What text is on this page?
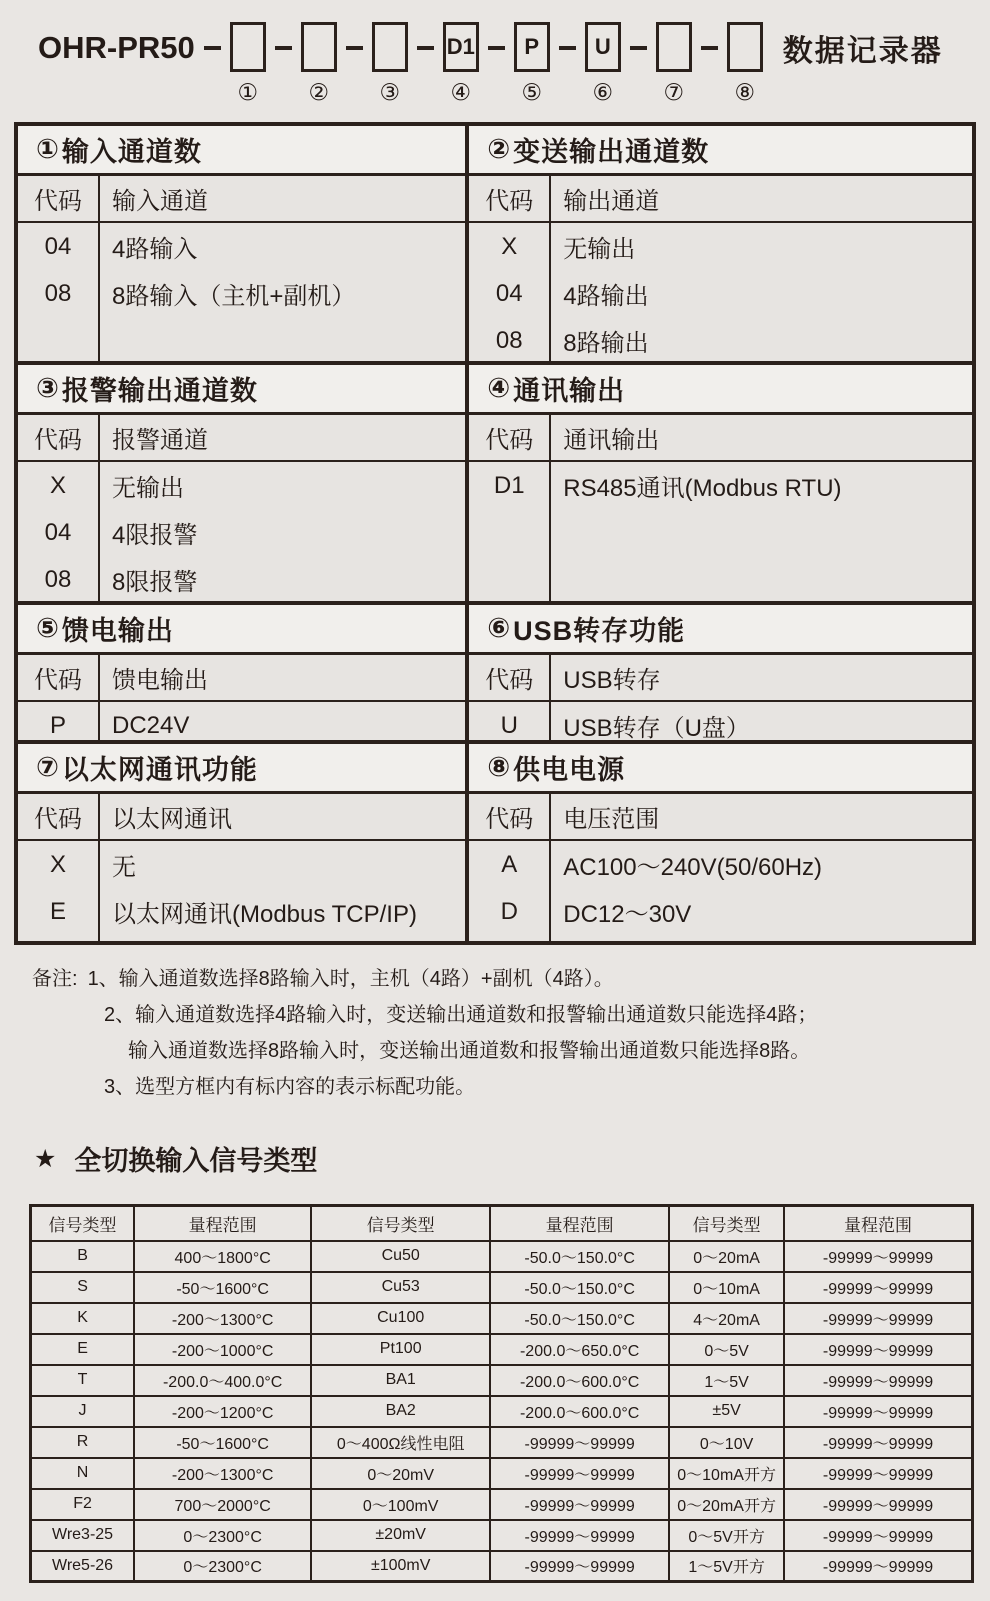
OHR-PR50
① ② ③
D1
④
P
⑤
U
⑥ ⑦ ⑧
数据记录器
① 输入通道数
代码	输入通道
04	4路输入
08	8路输入（主机+副机）
② 变送输出通道数
代码	输出通道
X	无输出
04	4路输出
08	8路输出
③ 报警输出通道数
代码	报警通道
X	无输出
04	4限报警
08	8限报警
④ 通讯输出
代码	通讯输出
D1	RS485通讯(Modbus RTU)
⑤ 馈电输出
代码	馈电输出
P	DC24V
⑥ USB转存功能
代码	USB转存
U	USB转存（U盘）
⑦ 以太网通讯功能
代码	以太网通讯
X	无
E	以太网通讯(Modbus TCP/IP)
⑧ 供电电源
代码	电压范围
A	AC100～240V(50/60Hz)
D	DC12～30V
备注: 1、输入通道数选择8路输入时，主机（4路）+副机（4路）。
2、输入通道数选择4路输入时，变送输出通道数和报警输出通道数只能选择4路；
输入通道数选择8路输入时，变送输出通道数和报警输出通道数只能选择8路。
3、选型方框内有标内容的表示标配功能。
★ 全切换输入信号类型
信号类型	量程范围	信号类型	量程范围	信号类型	量程范围
B	400～1800°C	Cu50	-50.0～150.0°C	0～20mA	-99999～99999
S	-50～1600°C	Cu53	-50.0～150.0°C	0～10mA	-99999～99999
K	-200～1300°C	Cu100	-50.0～150.0°C	4～20mA	-99999～99999
E	-200～1000°C	Pt100	-200.0～650.0°C	0～5V	-99999～99999
T	-200.0～400.0°C	BA1	-200.0～600.0°C	1～5V	-99999～99999
J	-200～1200°C	BA2	-200.0～600.0°C	±5V	-99999～99999
R	-50～1600°C	0～400Ω线性电阻	-99999～99999	0～10V	-99999～99999
N	-200～1300°C	0～20mV	-99999～99999	0～10mA开方	-99999～99999
F2	700～2000°C	0～100mV	-99999～99999	0～20mA开方	-99999～99999
Wre3-25	0～2300°C	±20mV	-99999～99999	0～5V开方	-99999～99999
Wre5-26	0～2300°C	±100mV	-99999～99999	1～5V开方	-99999～99999
